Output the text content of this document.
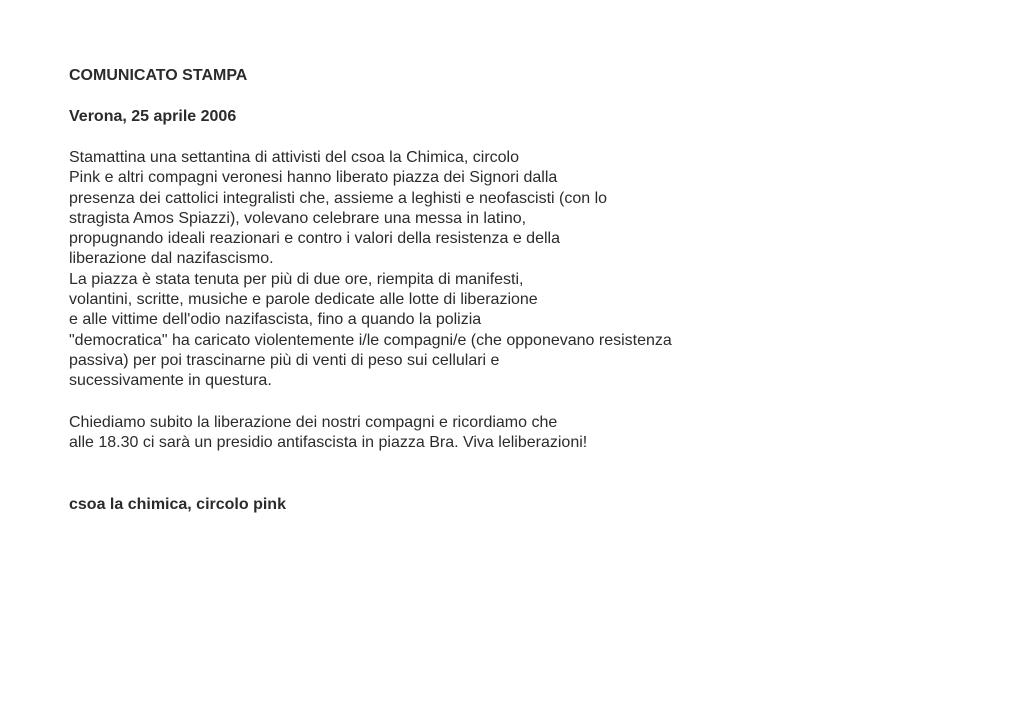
COMUNICATO STAMPA

Verona, 25 aprile 2006

Stamattina una settantina di attivisti del csoa la Chimica, circolo

Pink e altri compagni veronesi hanno liberato piazza dei Signori dalla

presenza dei cattolici integralisti che, assieme a leghisti e neofascisti (con lo

stragista Amos Spiazzi), volevano celebrare una messa in latino,

propugnando ideali reazionari e contro i valori della resistenza e della

liberazione dal nazifascismo.

La piazza è stata tenuta per più di due ore, riempita di manifesti,

volantini, scritte, musiche e parole dedicate alle lotte di liberazione

e alle vittime dell'odio nazifascista, fino a quando la polizia

"democratica" ha caricato violentemente i/le compagni/e (che opponevano resistenza

passiva) per poi trascinarne più di venti di peso sui cellulari e

sucessivamente in questura.

Chiediamo subito la liberazione dei nostri compagni e ricordiamo che

alle 18.30 ci sarà un presidio antifascista in piazza Bra. Viva leliberazioni!

csoa la chimica, circolo pink
